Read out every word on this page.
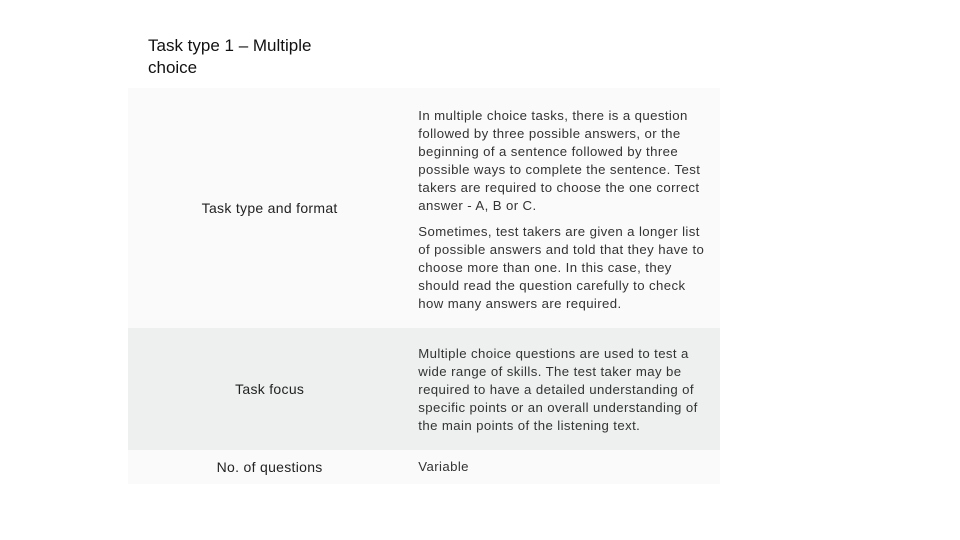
Task type 1 – Multiple
choice
Task type and format	In multiple choice tasks, there is a question followed by three possible answers, or the beginning of a sentence followed by three possible ways to complete the sentence. Test takers are required to choose the one correct answer - A, B or C.

Sometimes, test takers are given a longer list of possible answers and told that they have to choose more than one. In this case, they should read the question carefully to check how many answers are required.

Task focus	Multiple choice questions are used to test a wide range of skills. The test taker may be required to have a detailed understanding of specific points or an overall understanding of the main points of the listening text.

No. of questions	Variable
